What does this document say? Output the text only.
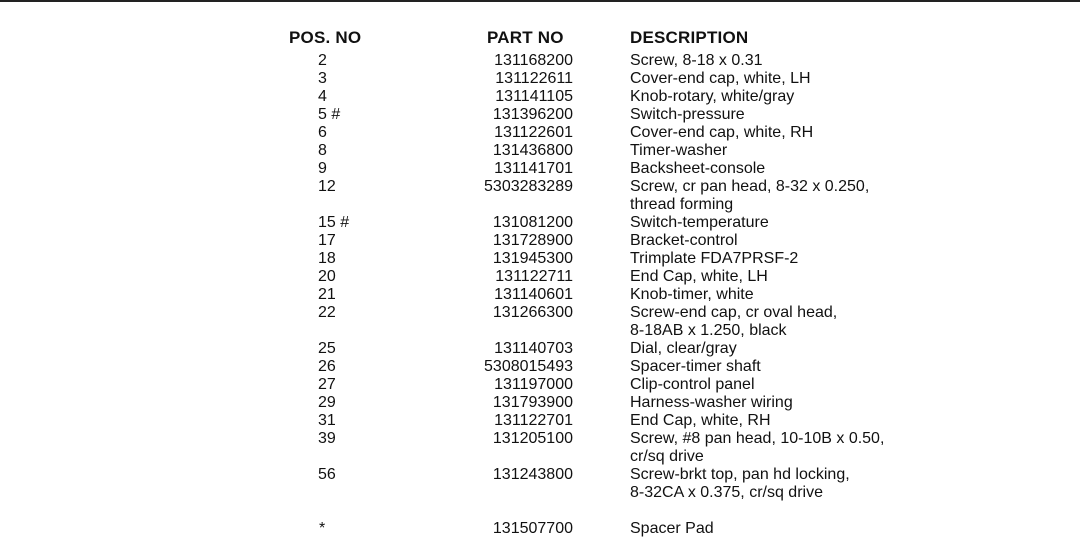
POS. NO	PART NO	DESCRIPTION
2	131168200	Screw, 8-18 x 0.31
3	131122611	Cover-end cap, white, LH
4	131141105	Knob-rotary, white/gray
5 #	131396200	Switch-pressure
6	131122601	Cover-end cap, white, RH
8	131436800	Timer-washer
9	131141701	Backsheet-console
12	5303283289	Screw, cr pan head, 8-32 x 0.250,
thread forming
15 #	131081200	Switch-temperature
17	131728900	Bracket-control
18	131945300	Trimplate FDA7PRSF-2
20	131122711	End Cap, white, LH
21	131140601	Knob-timer, white
22	131266300	Screw-end cap, cr oval head,
8-18AB x 1.250, black
25	131140703	Dial, clear/gray
26	5308015493	Spacer-timer shaft
27	131197000	Clip-control panel
29	131793900	Harness-washer wiring
31	131122701	End Cap, white, RH
39	131205100	Screw, #8 pan head, 10-10B x 0.50,
cr/sq drive
56	131243800	Screw-brkt top, pan hd locking,
8-32CA x 0.375, cr/sq drive
*	131507700	Spacer Pad
